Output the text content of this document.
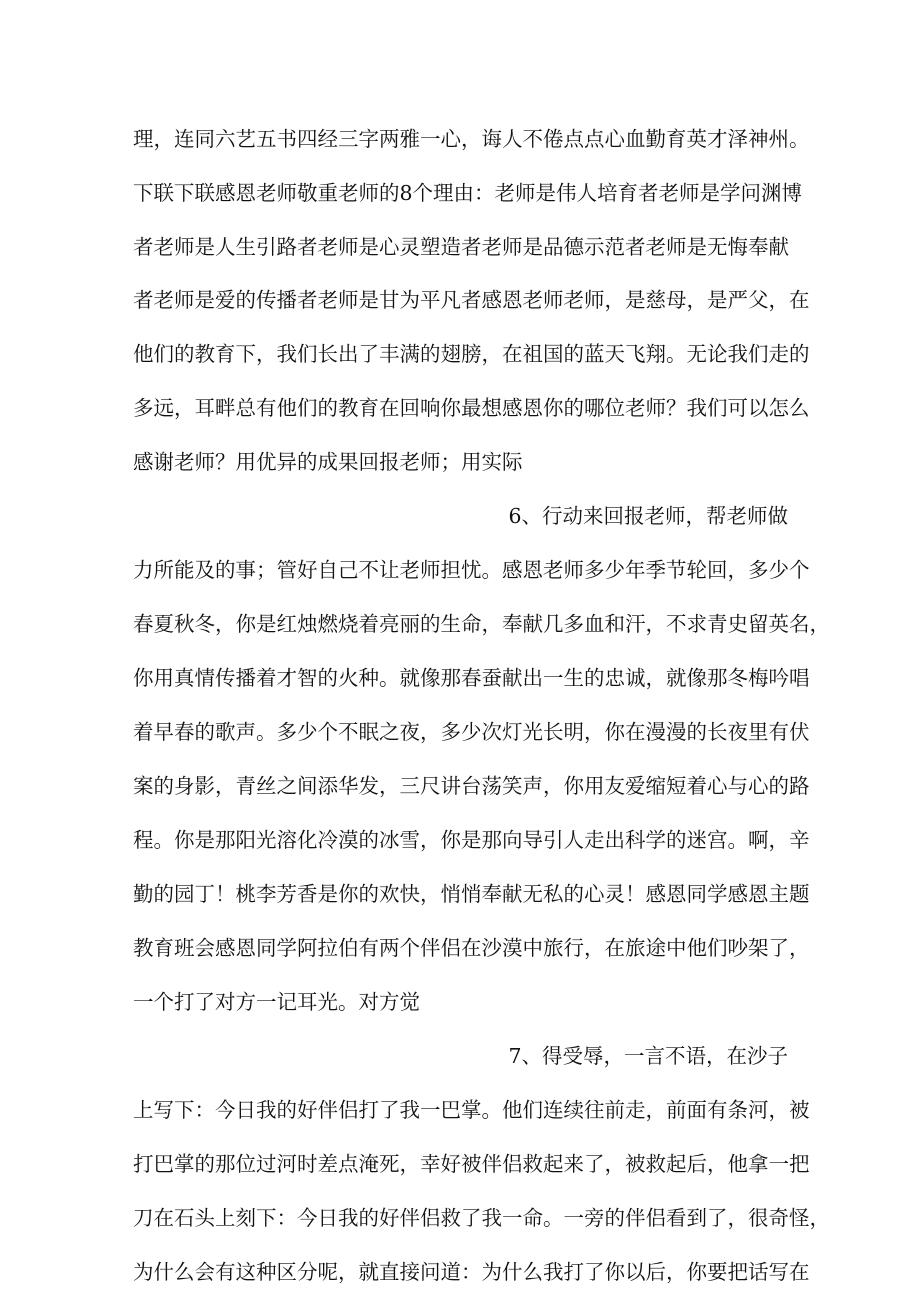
理，连同六艺五书四经三字两雅一心，诲人不倦点点心血勤育英才泽神州。
下联下联感恩老师敬重老师的8个理由：老师是伟人培育者老师是学问渊博
者老师是人生引路者老师是心灵塑造者老师是品德示范者老师是无悔奉献
者老师是爱的传播者老师是甘为平凡者感恩老师老师，是慈母，是严父，在
他们的教育下，我们长出了丰满的翅膀，在祖国的蓝天飞翔。无论我们走的
多远，耳畔总有他们的教育在回响你最想感恩你的哪位老师？我们可以怎么
感谢老师？用优异的成果回报老师；用实际
6、行动来回报老师，帮老师做
力所能及的事；管好自己不让老师担忧。感恩老师多少年季节轮回，多少个
春夏秋冬，你是红烛燃烧着亮丽的生命，奉献几多血和汗，不求青史留英名，
你用真情传播着才智的火种。就像那春蚕献出一生的忠诚，就像那冬梅吟唱
着早春的歌声。多少个不眠之夜，多少次灯光长明，你在漫漫的长夜里有伏
案的身影，青丝之间添华发，三尺讲台荡笑声，你用友爱缩短着心与心的路
程。你是那阳光溶化冷漠的冰雪，你是那向导引人走出科学的迷宫。啊，辛
勤的园丁！桃李芳香是你的欢快，悄悄奉献无私的心灵！感恩同学感恩主题
教育班会感恩同学阿拉伯有两个伴侣在沙漠中旅行，在旅途中他们吵架了，
一个打了对方一记耳光。对方觉
7、得受辱，一言不语，在沙子
上写下：今日我的好伴侣打了我一巴掌。他们连续往前走，前面有条河，被
打巴掌的那位过河时差点淹死，幸好被伴侣救起来了，被救起后，他拿一把
刀在石头上刻下：今日我的好伴侣救了我一命。一旁的伴侣看到了，很奇怪，
为什么会有这种区分呢，就直接问道：为什么我打了你以后，你要把话写在
